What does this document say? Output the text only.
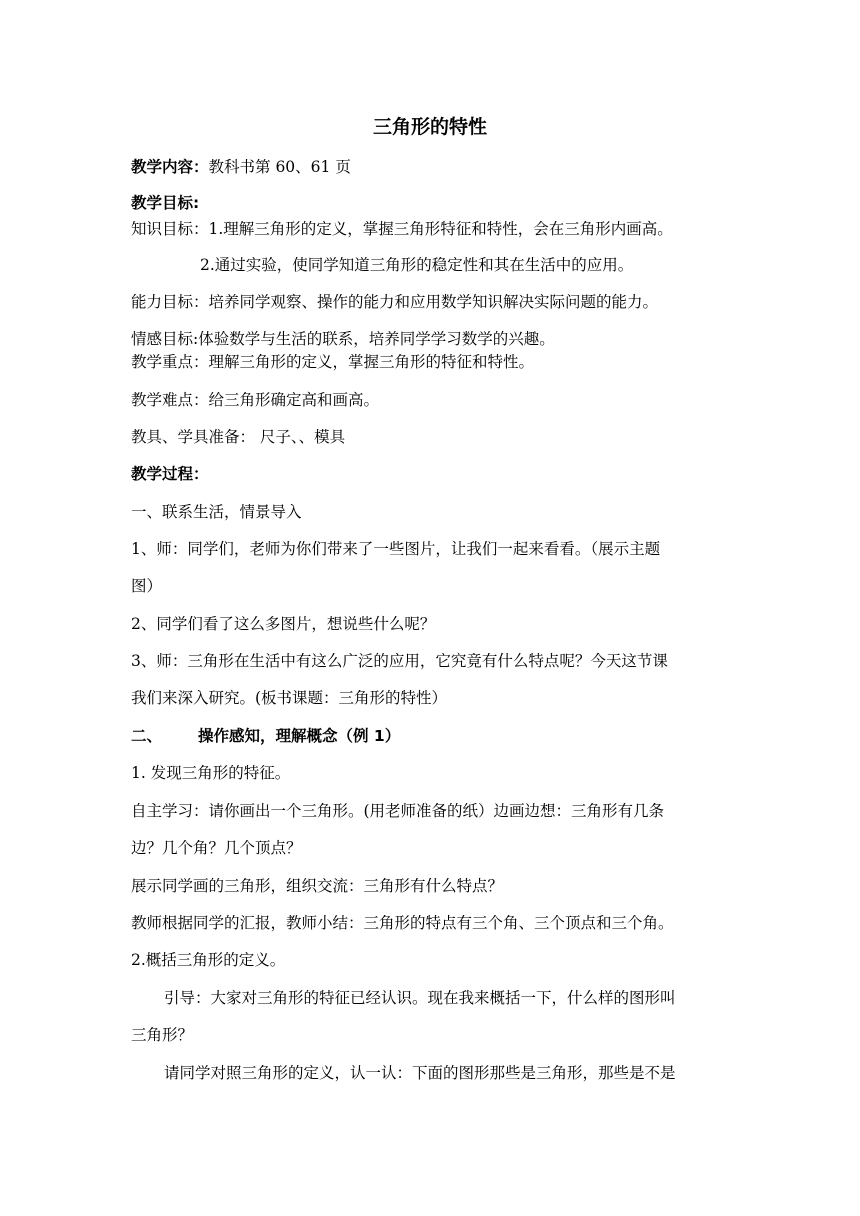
三角形的特性
教学内容：教科书第 60、61 页
教学目标:
知识目标：1.理解三角形的定义，掌握三角形特征和特性，会在三角形内画高。
2.通过实验，使同学知道三角形的稳定性和其在生活中的应用。
能力目标：培养同学观察、操作的能力和应用数学知识解决实际问题的能力。
情感目标:体验数学与生活的联系，培养同学学习数学的兴趣。
教学重点：理解三角形的定义，掌握三角形的特征和特性。
教学难点：给三角形确定高和画高。
教具、学具准备： 尺子、、模具
教学过程：
一、联系生活，情景导入
1、师：同学们，老师为你们带来了一些图片，让我们一起来看看。（展示主题
图）
2、同学们看了这么多图片，想说些什么呢？
3、师：三角形在生活中有这么广泛的应用，它究竟有什么特点呢？今天这节课
我们来深入研究。(板书课题：三角形的特性）
二、 操作感知，理解概念（例 1）
1. 发现三角形的特征。
自主学习：请你画出一个三角形。(用老师准备的纸）边画边想：三角形有几条
边？几个角？几个顶点？
展示同学画的三角形，组织交流：三角形有什么特点？
教师根据同学的汇报，教师小结：三角形的特点有三个角、三个顶点和三个角。
2.概括三角形的定义。
引导：大家对三角形的特征已经认识。现在我来概括一下，什么样的图形叫
三角形？
请同学对照三角形的定义，认一认：下面的图形那些是三角形，那些是不是
